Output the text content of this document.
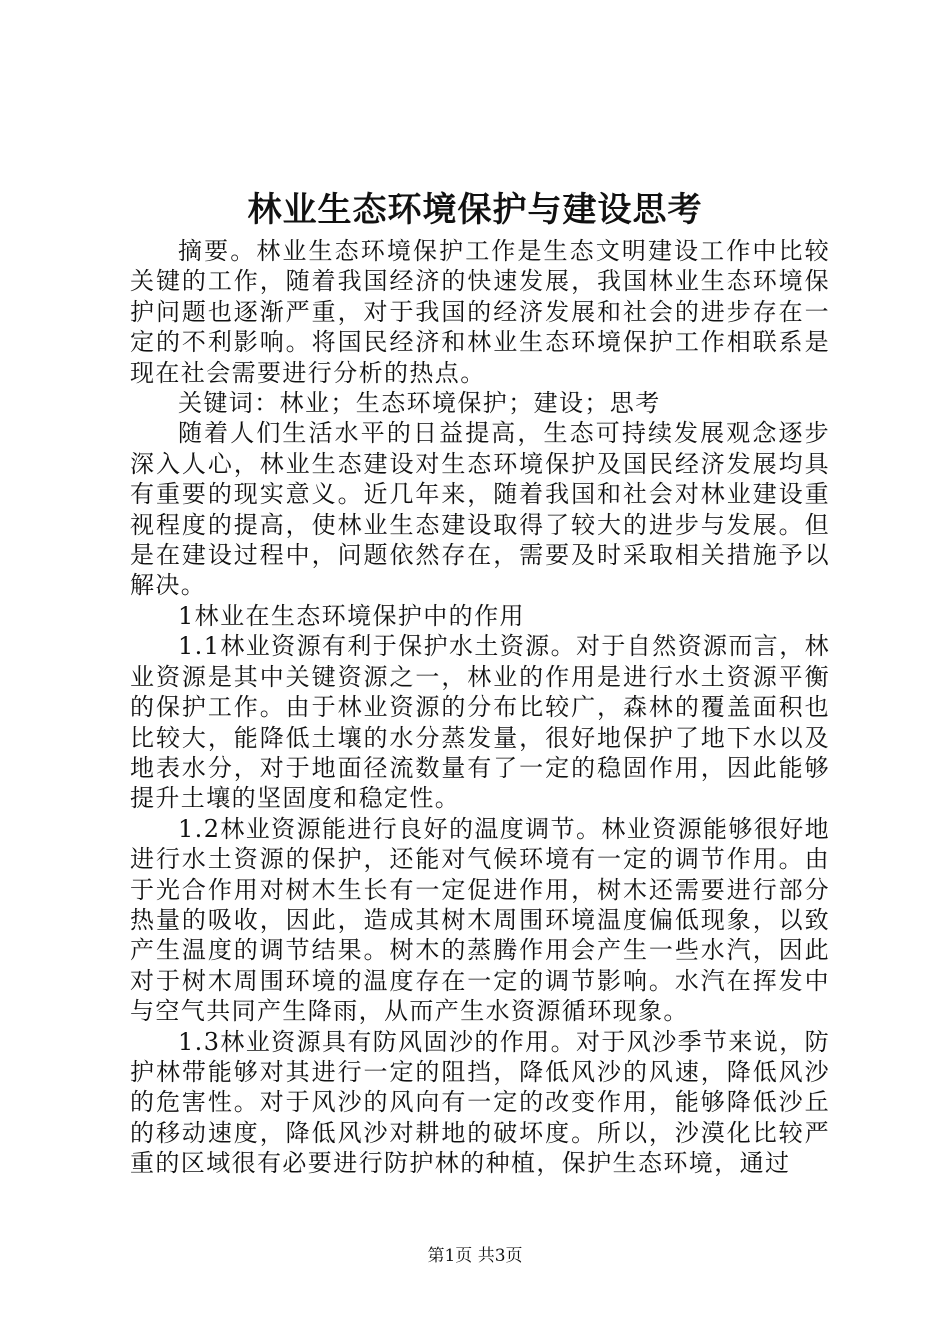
林业生态环境保护与建设思考

摘要。林业生态环境保护工作是生态文明建设工作中比较关键的工作，随着我国经济的快速发展，我国林业生态环境保护问题也逐渐严重，对于我国的经济发展和社会的进步存在一定的不利影响。将国民经济和林业生态环境保护工作相联系是现在社会需要进行分析的热点。

关键词：林业；生态环境保护；建设；思考

随着人们生活水平的日益提高，生态可持续发展观念逐步深入人心，林业生态建设对生态环境保护及国民经济发展均具有重要的现实意义。近几年来，随着我国和社会对林业建设重视程度的提高，使林业生态建设取得了较大的进步与发展。但是在建设过程中，问题依然存在，需要及时采取相关措施予以解决。

1林业在生态环境保护中的作用

1.1林业资源有利于保护水土资源。对于自然资源而言，林业资源是其中关键资源之一，林业的作用是进行水土资源平衡的保护工作。由于林业资源的分布比较广，森林的覆盖面积也比较大，能降低土壤的水分蒸发量，很好地保护了地下水以及地表水分，对于地面径流数量有了一定的稳固作用，因此能够提升土壤的坚固度和稳定性。

1.2林业资源能进行良好的温度调节。林业资源能够很好地进行水土资源的保护，还能对气候环境有一定的调节作用。由于光合作用对树木生长有一定促进作用，树木还需要进行部分热量的吸收，因此，造成其树木周围环境温度偏低现象，以致产生温度的调节结果。树木的蒸腾作用会产生一些水汽，因此对于树木周围环境的温度存在一定的调节影响。水汽在挥发中与空气共同产生降雨，从而产生水资源循环现象。

1.3林业资源具有防风固沙的作用。对于风沙季节来说，防护林带能够对其进行一定的阻挡，降低风沙的风速，降低风沙的危害性。对于风沙的风向有一定的改变作用，能够降低沙丘的移动速度，降低风沙对耕地的破坏度。所以，沙漠化比较严重的区域很有必要进行防护林的种植，保护生态环境，通过

第1页 共3页
